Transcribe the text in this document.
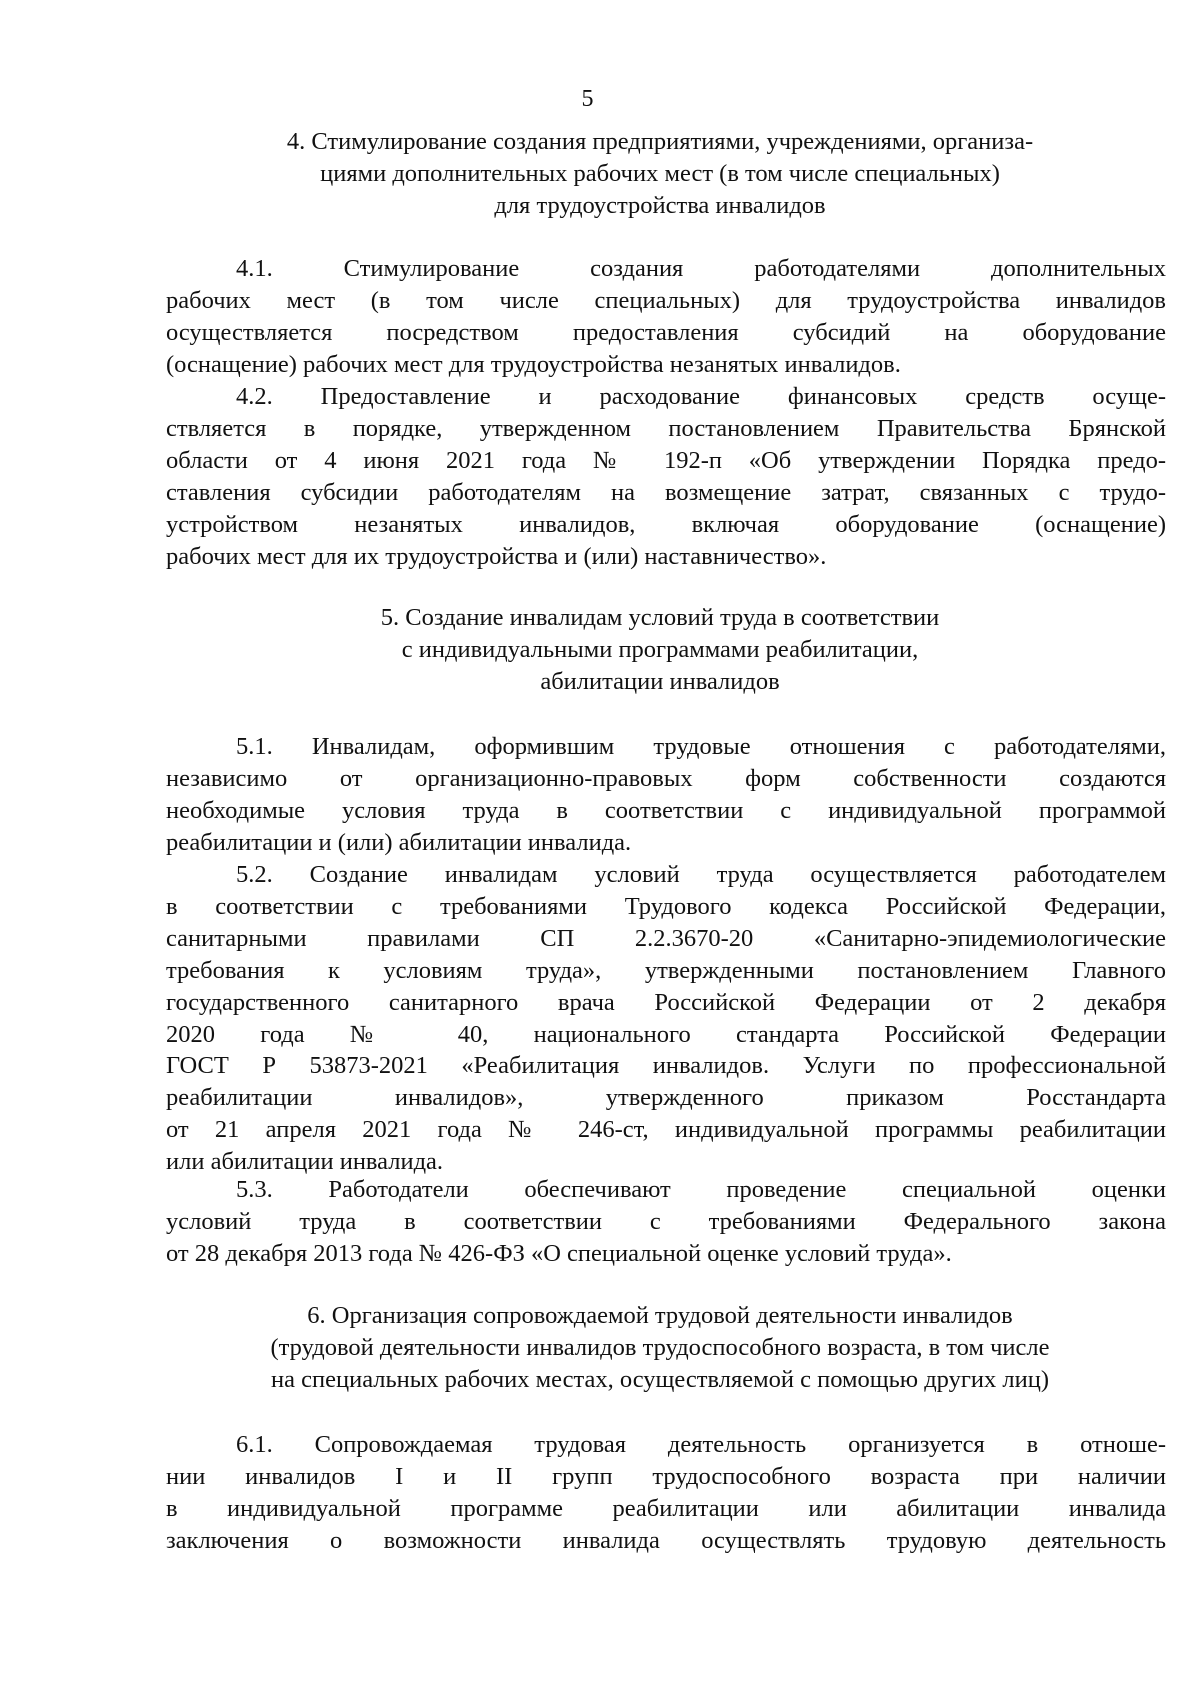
5
4. Стимулирование создания предприятиями, учреждениями, организа-
циями дополнительных рабочих мест (в том числе специальных)
для трудоустройства инвалидов
4.1. Стимулирование создания работодателями дополнительных
рабочих мест (в том числе специальных) для трудоустройства инвалидов
осуществляется посредством предоставления субсидий на оборудование
(оснащение) рабочих мест для трудоустройства незанятых инвалидов.
4.2. Предоставление и расходование финансовых средств осуще-
ствляется в порядке, утвержденном постановлением Правительства Брянской
области от 4 июня 2021 года № 192-п «Об утверждении Порядка предо-
ставления субсидии работодателям на возмещение затрат, связанных с трудо-
устройством незанятых инвалидов, включая оборудование (оснащение)
рабочих мест для их трудоустройства и (или) наставничество».
5. Создание инвалидам условий труда в соответствии
с индивидуальными программами реабилитации,
абилитации инвалидов
5.1. Инвалидам, оформившим трудовые отношения с работодателями,
независимо от организационно-правовых форм собственности создаются
необходимые условия труда в соответствии с индивидуальной программой
реабилитации и (или) абилитации инвалида.
5.2. Создание инвалидам условий труда осуществляется работодателем
в соответствии с требованиями Трудового кодекса Российской Федерации,
санитарными правилами СП 2.2.3670-20 «Санитарно-эпидемиологические
требования к условиям труда», утвержденными постановлением Главного
государственного санитарного врача Российской Федерации от 2 декабря
2020 года № 40, национального стандарта Российской Федерации
ГОСТ Р 53873-2021 «Реабилитация инвалидов. Услуги по профессиональной
реабилитации инвалидов», утвержденного приказом Росстандарта
от 21 апреля 2021 года № 246-ст, индивидуальной программы реабилитации
или абилитации инвалида.
5.3. Работодатели обеспечивают проведение специальной оценки
условий труда в соответствии с требованиями Федерального закона
от 28 декабря 2013 года № 426-ФЗ «О специальной оценке условий труда».
6. Организация сопровождаемой трудовой деятельности инвалидов
(трудовой деятельности инвалидов трудоспособного возраста, в том числе
на специальных рабочих местах, осуществляемой с помощью других лиц)
6.1. Сопровождаемая трудовая деятельность организуется в отноше-
нии инвалидов I и II групп трудоспособного возраста при наличии
в индивидуальной программе реабилитации или абилитации инвалида
заключения о возможности инвалида осуществлять трудовую деятельность
